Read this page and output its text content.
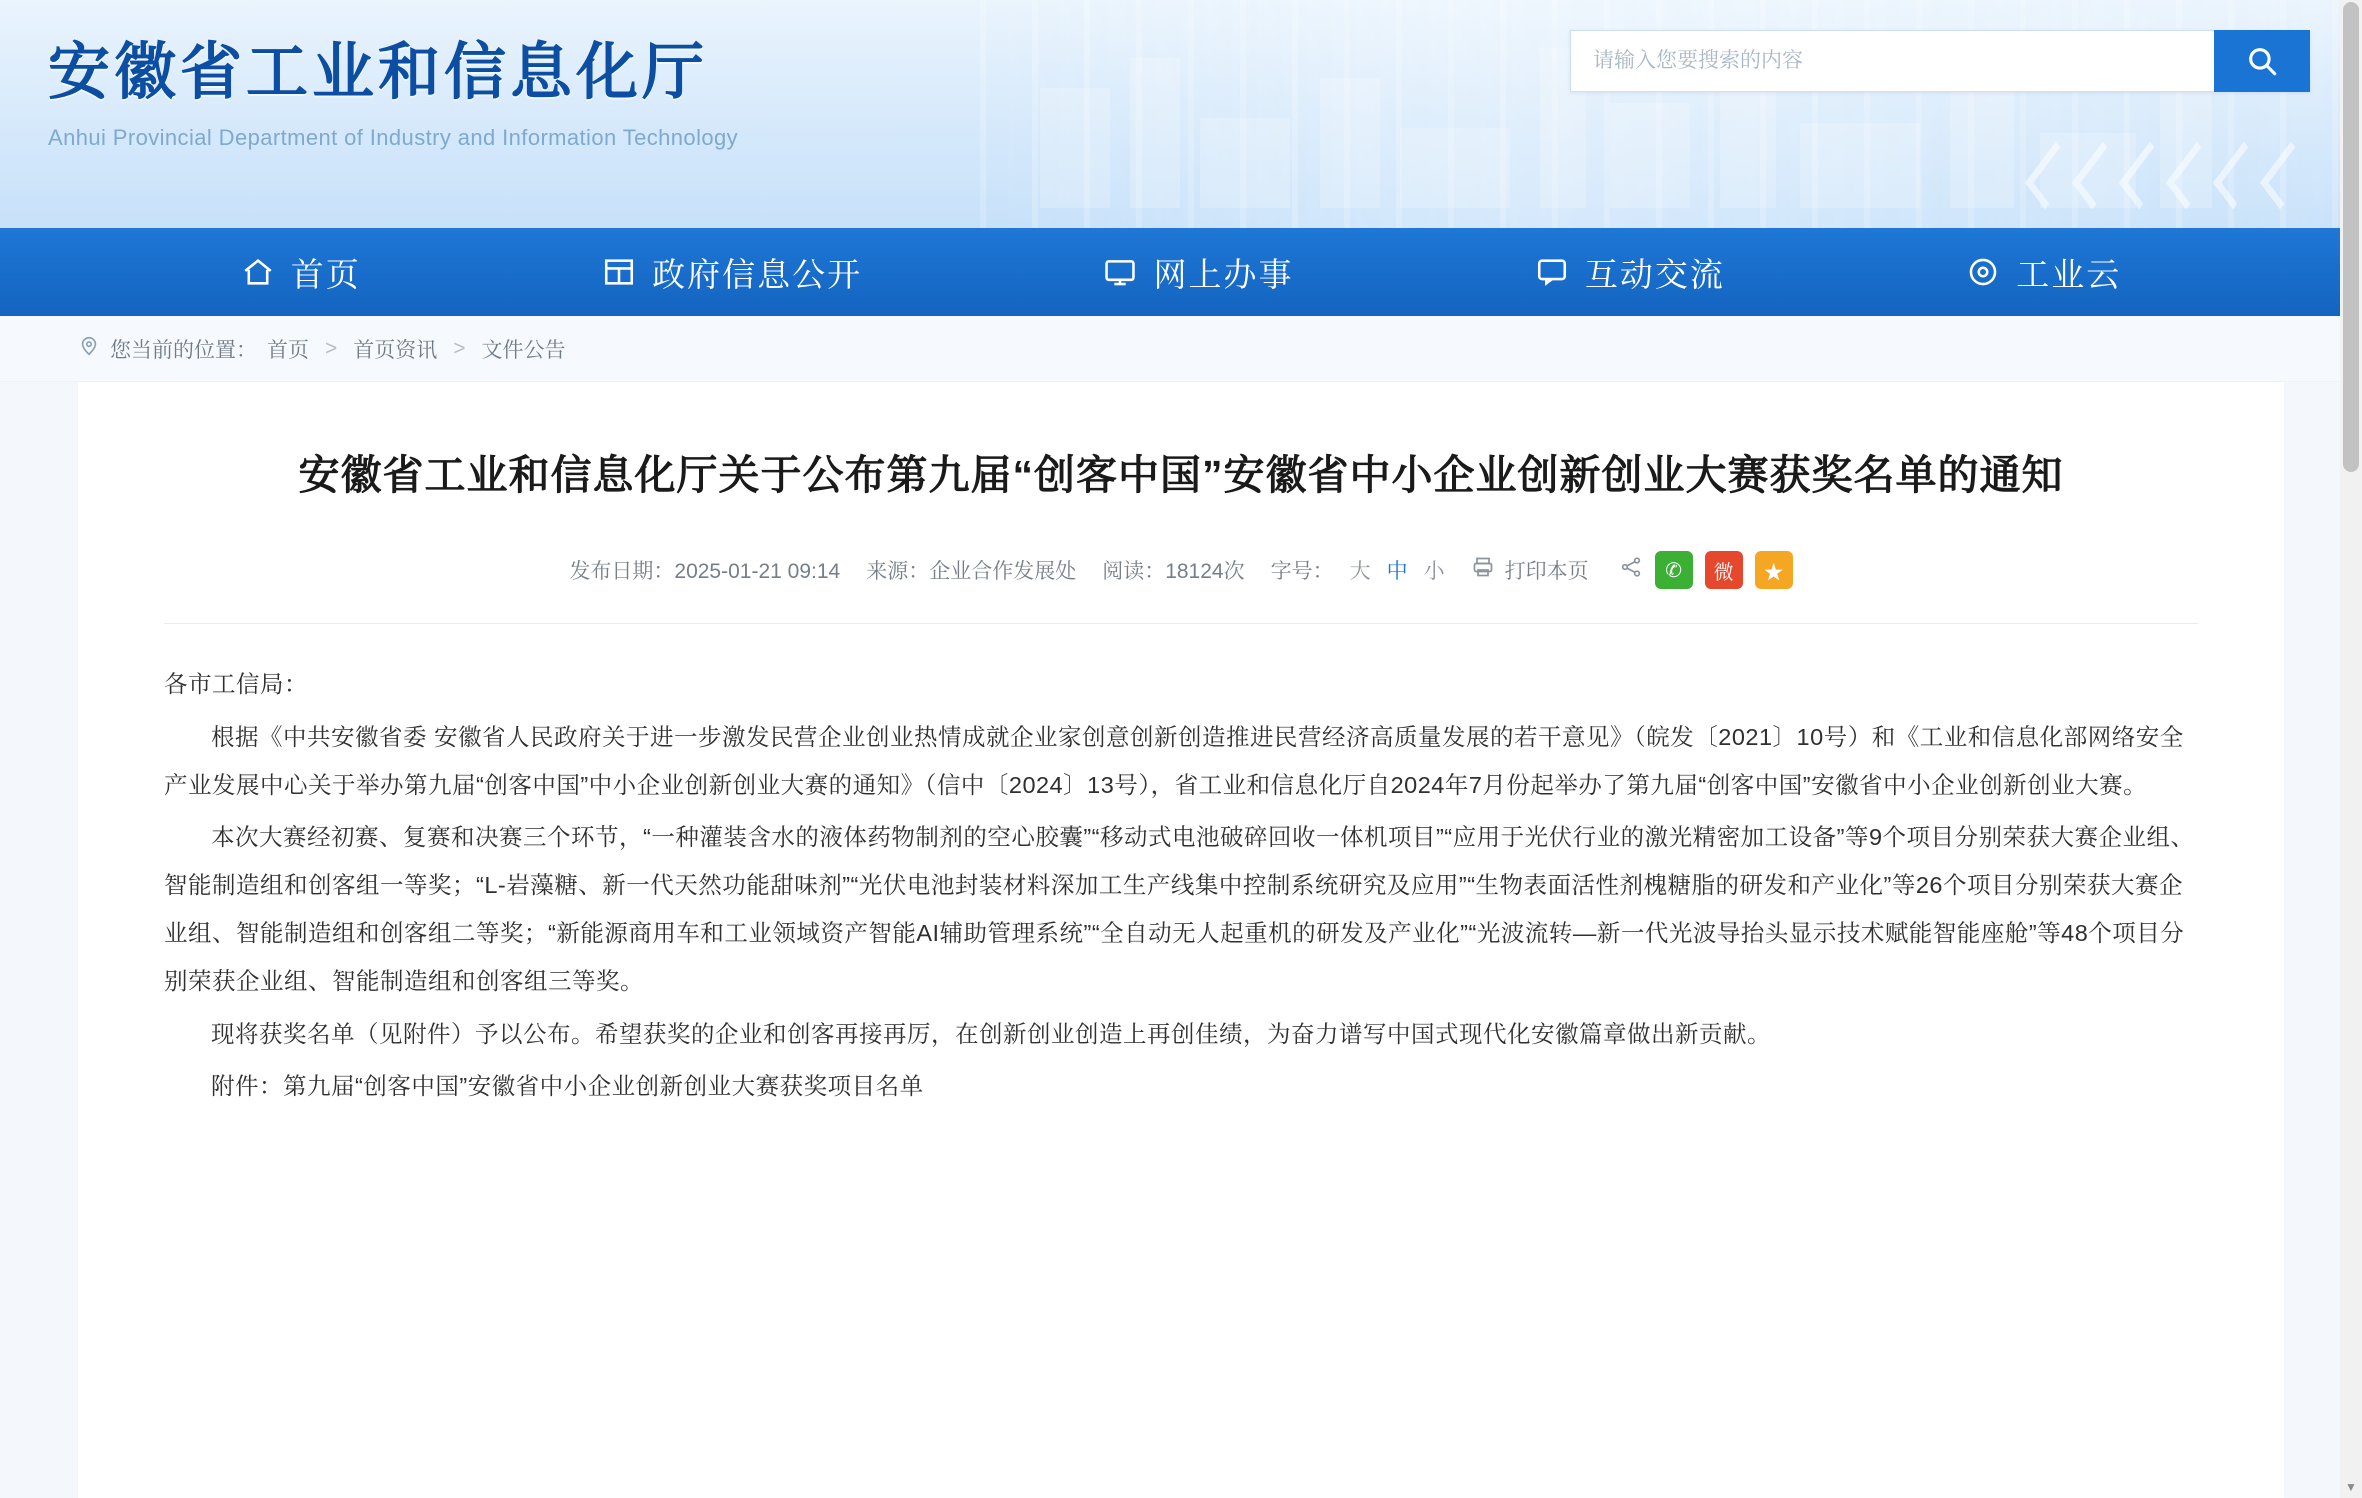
安徽省工业和信息化厅
Anhui Provincial Department of Industry and Information Technology
请输入您要搜索的内容
首页	政府信息公开	网上办事	互动交流	工业云
您当前的位置： 首页 > 首页资讯 > 文件公告
安徽省工业和信息化厅关于公布第九届“创客中国”安徽省中小企业创新创业大赛获奖名单的通知
发布日期：2025-01-21 09:14 来源：企业合作发展处 阅读：18124次 字号： 大 中 小	打印本页	✆	微	★

各市工信局：

根据《中共安徽省委 安徽省人民政府关于进一步激发民营企业创业热情成就企业家创意创新创造推进民营经济高质量发展的若干意见》（皖发〔2021〕10号）和《工业和信息化部网络安全产业发展中心关于举办第九届“创客中国”中小企业创新创业大赛的通知》（信中〔2024〕13号），省工业和信息化厅自2024年7月份起举办了第九届“创客中国”安徽省中小企业创新创业大赛。

本次大赛经初赛、复赛和决赛三个环节，“一种灌装含水的液体药物制剂的空心胶囊”“移动式电池破碎回收一体机项目”“应用于光伏行业的激光精密加工设备”等9个项目分别荣获大赛企业组、智能制造组和创客组一等奖；“L-岩藻糖、新一代天然功能甜味剂”“光伏电池封装材料深加工生产线集中控制系统研究及应用”“生物表面活性剂槐糖脂的研发和产业化”等26个项目分别荣获大赛企业组、智能制造组和创客组二等奖；“新能源商用车和工业领域资产智能AI辅助管理系统”“全自动无人起重机的研发及产业化”“光波流转—新一代光波导抬头显示技术赋能智能座舱”等48个项目分别荣获企业组、智能制造组和创客组三等奖。

现将获奖名单（见附件）予以公布。希望获奖的企业和创客再接再厉，在创新创业创造上再创佳绩，为奋力谱写中国式现代化安徽篇章做出新贡献。

附件：第九届“创客中国”安徽省中小企业创新创业大赛获奖项目名单

▼
